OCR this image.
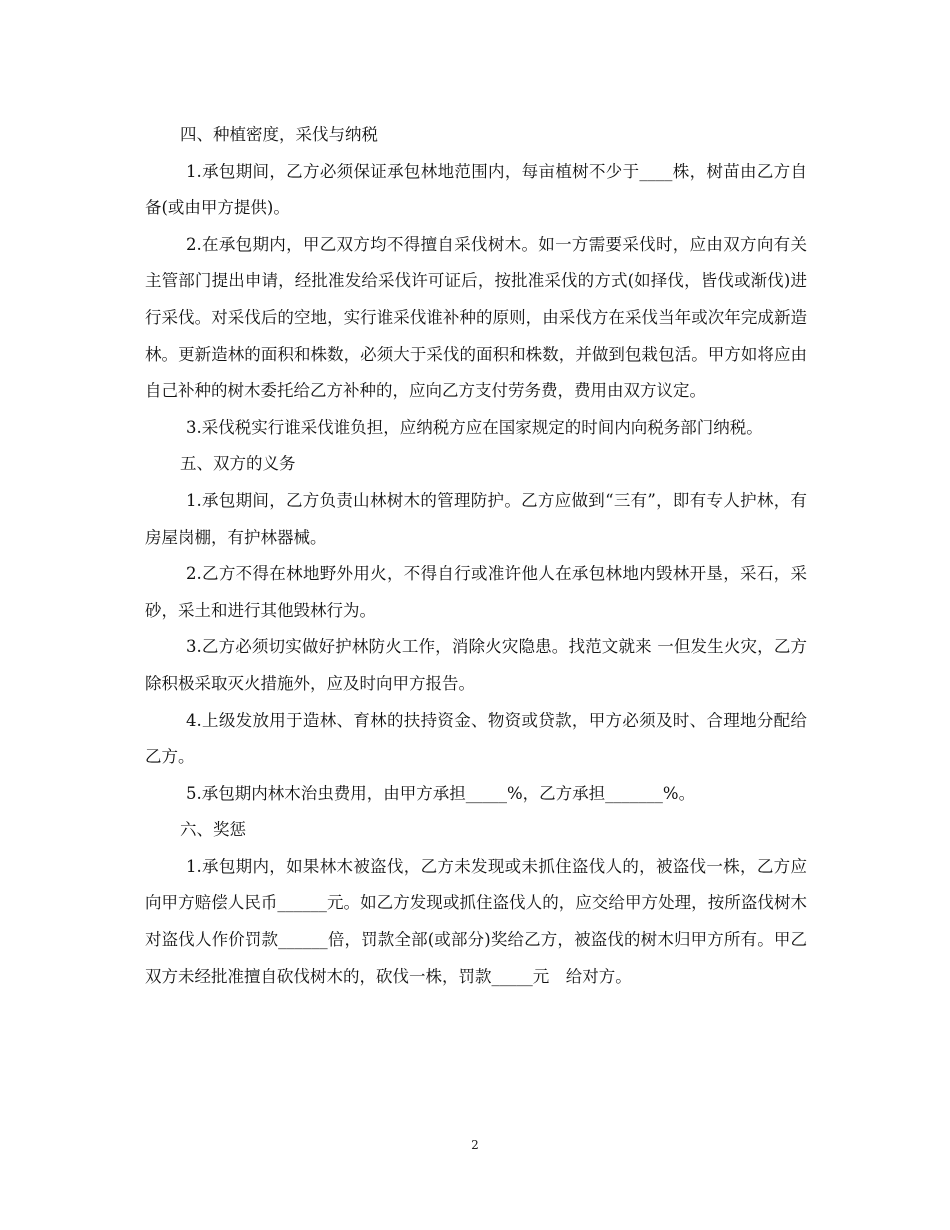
四、种植密度，采伐与纳税

1.承包期间，乙方必须保证承包林地范围内，每亩植树不少于____株，树苗由乙方自备(或由甲方提供)。

2.在承包期内，甲乙双方均不得擅自采伐树木。如一方需要采伐时，应由双方向有关主管部门提出申请，经批准发给采伐许可证后，按批准采伐的方式(如择伐，皆伐或渐伐)进行采伐。对采伐后的空地，实行谁采伐谁补种的原则，由采伐方在采伐当年或次年完成新造林。更新造林的面积和株数，必须大于采伐的面积和株数，并做到包栽包活。甲方如将应由自己补种的树木委托给乙方补种的，应向乙方支付劳务费，费用由双方议定。

3.采伐税实行谁采伐谁负担，应纳税方应在国家规定的时间内向税务部门纳税。

五、双方的义务

1.承包期间，乙方负责山林树木的管理防护。乙方应做到“三有”，即有专人护林，有房屋岗棚，有护林器械。

2.乙方不得在林地野外用火，不得自行或准许他人在承包林地内毁林开垦，采石，采砂，采土和进行其他毁林行为。

3.乙方必须切实做好护林防火工作，消除火灾隐患。找范文就来 一但发生火灾，乙方除积极采取灭火措施外，应及时向甲方报告。

4.上级发放用于造林、育林的扶持资金、物资或贷款，甲方必须及时、合理地分配给乙方。

5.承包期内林木治虫费用，由甲方承担_____%，乙方承担_______%。

六、奖惩

1.承包期内，如果林木被盗伐，乙方未发现或未抓住盗伐人的，被盗伐一株，乙方应向甲方赔偿人民币______元。如乙方发现或抓住盗伐人的，应交给甲方处理，按所盗伐树木对盗伐人作价罚款______倍，罚款全部(或部分)奖给乙方，被盗伐的树木归甲方所有。甲乙双方未经批准擅自砍伐树木的，砍伐一株，罚款_____元　给对方。

2
